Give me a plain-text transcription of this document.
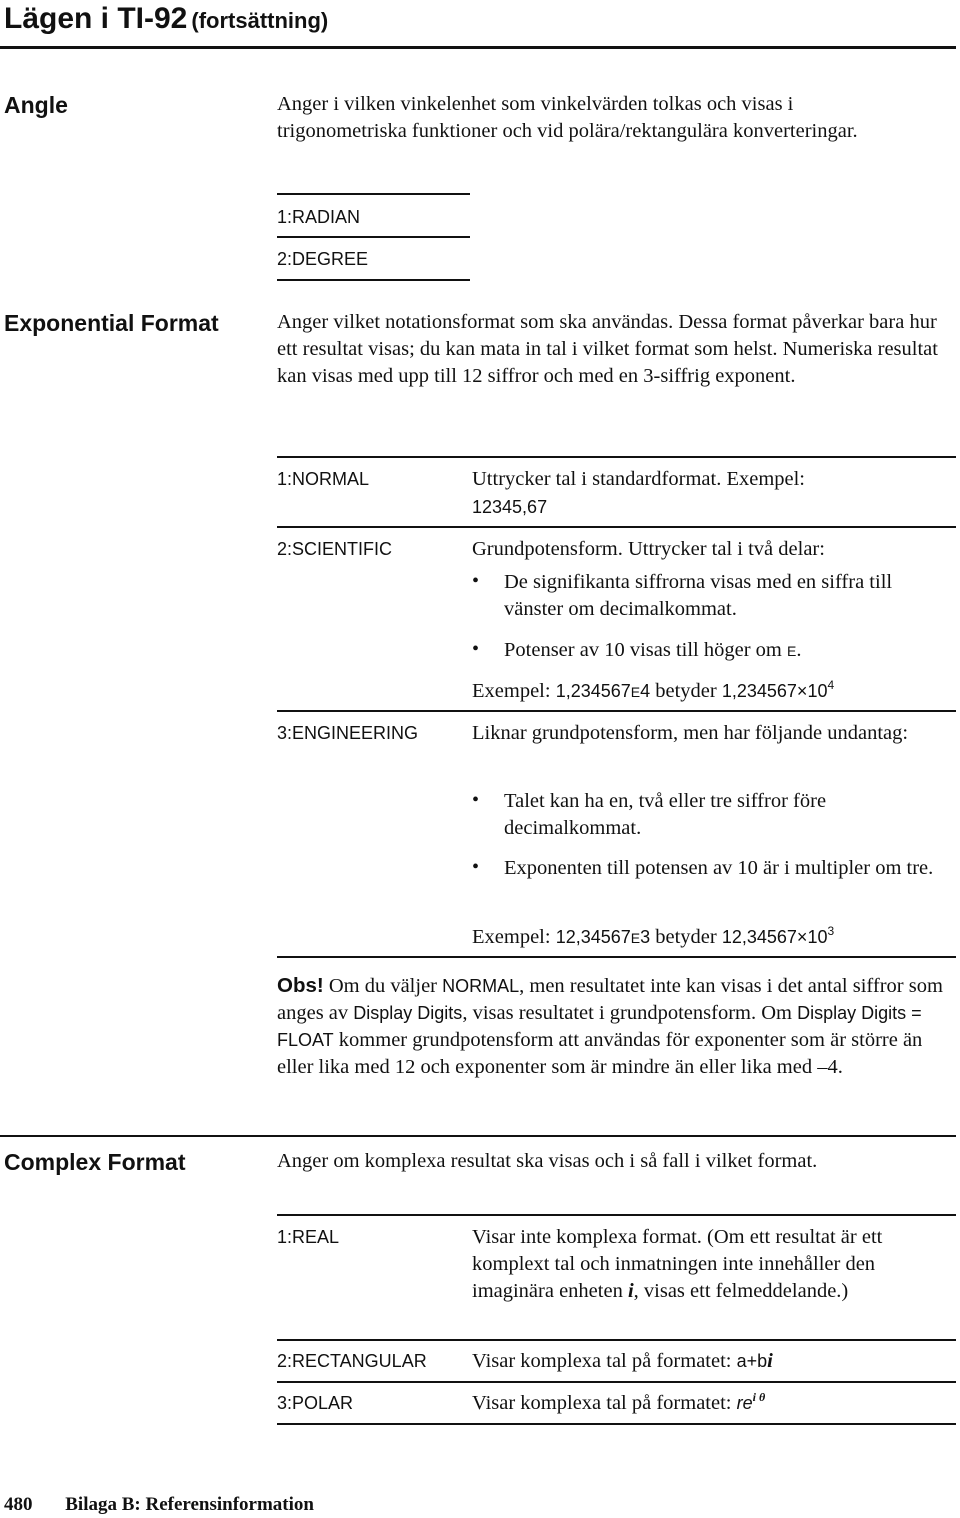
Lägen i TI‑92 (fortsättning)
Angle	Anger i vilken vinkelenhet som vinkelvärden tolkas och visas i trigonometriska funktioner och vid polära/rektangulära konverteringar.
1:RADIAN
2:DEGREE
Exponential Format	Anger vilket notationsformat som ska användas. Dessa format påverkar bara hur ett resultat visas; du kan mata in tal i vilket format som helst. Numeriska resultat kan visas med upp till 12 siffror och med en 3-siffrig exponent.
1:NORMAL	Uttrycker tal i standardformat. Exempel:
12345,67
2:SCIENTIFIC	Grundpotensform. Uttrycker tal i två delar:
• De signifikanta siffrorna visas med en siffra till vänster om decimalkommat.
• Potenser av 10 visas till höger om E.
Exempel: 1,234567E4 betyder $1,234567\times 10^4$
3:ENGINEERING	Liknar grundpotensform, men har följande undantag:
• Talet kan ha en, två eller tre siffror före decimalkommat.
• Exponenten till potensen av 10 är i multipler om tre.
Exempel: 12,34567E3 betyder $12,34567\times 10^3$
Obs! Om du väljer NORMAL, men resultatet inte kan visas i det antal siffror som anges av Display Digits, visas resultatet i grundpotensform. Om Display Digits = FLOAT kommer grundpotensform att användas för exponenter som är större än eller lika med 12 och exponenter som är mindre än eller lika med –4.
Complex Format	Anger om komplexa resultat ska visas och i så fall i vilket format.
1:REAL	Visar inte komplexa format. (Om ett resultat är ett komplext tal och inmatningen inte innehåller den imaginära enheten i, visas ett felmeddelande.)
2:RECTANGULAR Visar komplexa tal på formatet: a+bi
3:POLAR	Visar komplexa tal på formatet: $re^{i \theta}$
480 Bilaga B: Referensinformation
